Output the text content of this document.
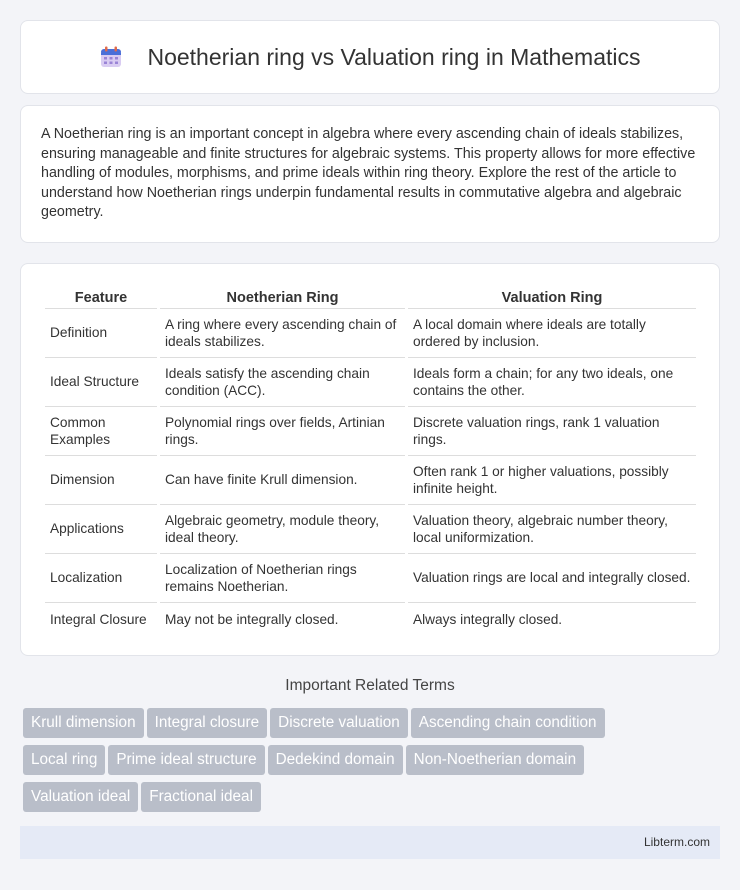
Noetherian ring vs Valuation ring in Mathematics

A Noetherian ring is an important concept in algebra where every ascending chain of ideals stabilizes, ensuring manageable and finite structures for algebraic systems. This property allows for more effective handling of modules, morphisms, and prime ideals within ring theory. Explore the rest of the article to understand how Noetherian rings underpin fundamental results in commutative algebra and algebraic geometry.

Feature	Noetherian Ring	Valuation Ring
Definition	A ring where every ascending chain of ideals stabilizes.	A local domain where ideals are totally ordered by inclusion.
Ideal Structure	Ideals satisfy the ascending chain condition (ACC).	Ideals form a chain; for any two ideals, one contains the other.
Common Examples	Polynomial rings over fields, Artinian rings.	Discrete valuation rings, rank 1 valuation rings.
Dimension	Can have finite Krull dimension.	Often rank 1 or higher valuations, possibly infinite height.
Applications	Algebraic geometry, module theory, ideal theory.	Valuation theory, algebraic number theory, local uniformization.
Localization	Localization of Noetherian rings remains Noetherian.	Valuation rings are local and integrally closed.
Integral Closure	May not be integrally closed.	Always integrally closed.
Important Related Terms
Krull dimension Integral closure Discrete valuation Ascending chain condition
Local ring Prime ideal structure Dedekind domain Non-Noetherian domain
Valuation ideal Fractional ideal
Libterm.com
